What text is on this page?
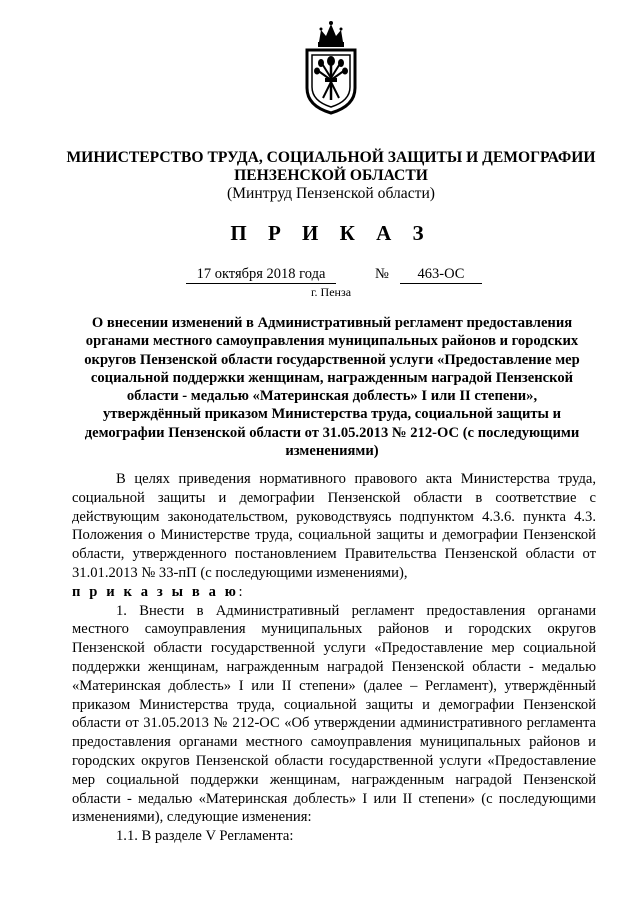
МИНИСТЕРСТВО ТРУДА, СОЦИАЛЬНОЙ ЗАЩИТЫ И ДЕМОГРАФИИ
ПЕНЗЕНСКОЙ ОБЛАСТИ
(Минтруд Пензенской области)
П Р И К А З
17 октября 2018 года	№	463-ОС
г. Пенза
О внесении изменений в Административный регламент предоставления
органами местного самоуправления муниципальных районов и городских
округов Пензенской области государственной услуги «Предоставление мер
социальной поддержки женщинам, награжденным наградой Пензенской
области - медалью «Материнская доблесть» I или II степени»,
утверждённый приказом Министерства труда, социальной защиты и
демографии Пензенской области от 31.05.2013 № 212-ОС (с последующими
изменениями)

В целях приведения нормативного правового акта Министерства труда, социальной защиты и демографии Пензенской области в соответствие с действующим законодательством, руководствуясь подпунктом 4.3.6. пункта 4.3. Положения о Министерстве труда, социальной защиты и демографии Пензенской области, утвержденного постановлением Правительства Пензенской области от 31.01.2013 № 33-пП (с последующими изменениями),
п р и к а з ы в а ю:

1. Внести в Административный регламент предоставления органами местного самоуправления муниципальных районов и городских округов Пензенской области государственной услуги «Предоставление мер социальной поддержки женщинам, награжденным наградой Пензенской области - медалью «Материнская доблесть» I или II степени» (далее – Регламент), утверждённый приказом Министерства труда, социальной защиты и демографии Пензенской области от 31.05.2013 № 212-ОС «Об утверждении административного регламента предоставления органами местного самоуправления муниципальных районов и городских округов Пензенской области государственной услуги «Предоставление мер социальной поддержки женщинам, награжденным наградой Пензенской области - медалью «Материнская доблесть» I или II степени» (с последующими изменениями), следующие изменения:

1.1. В разделе V Регламента:
